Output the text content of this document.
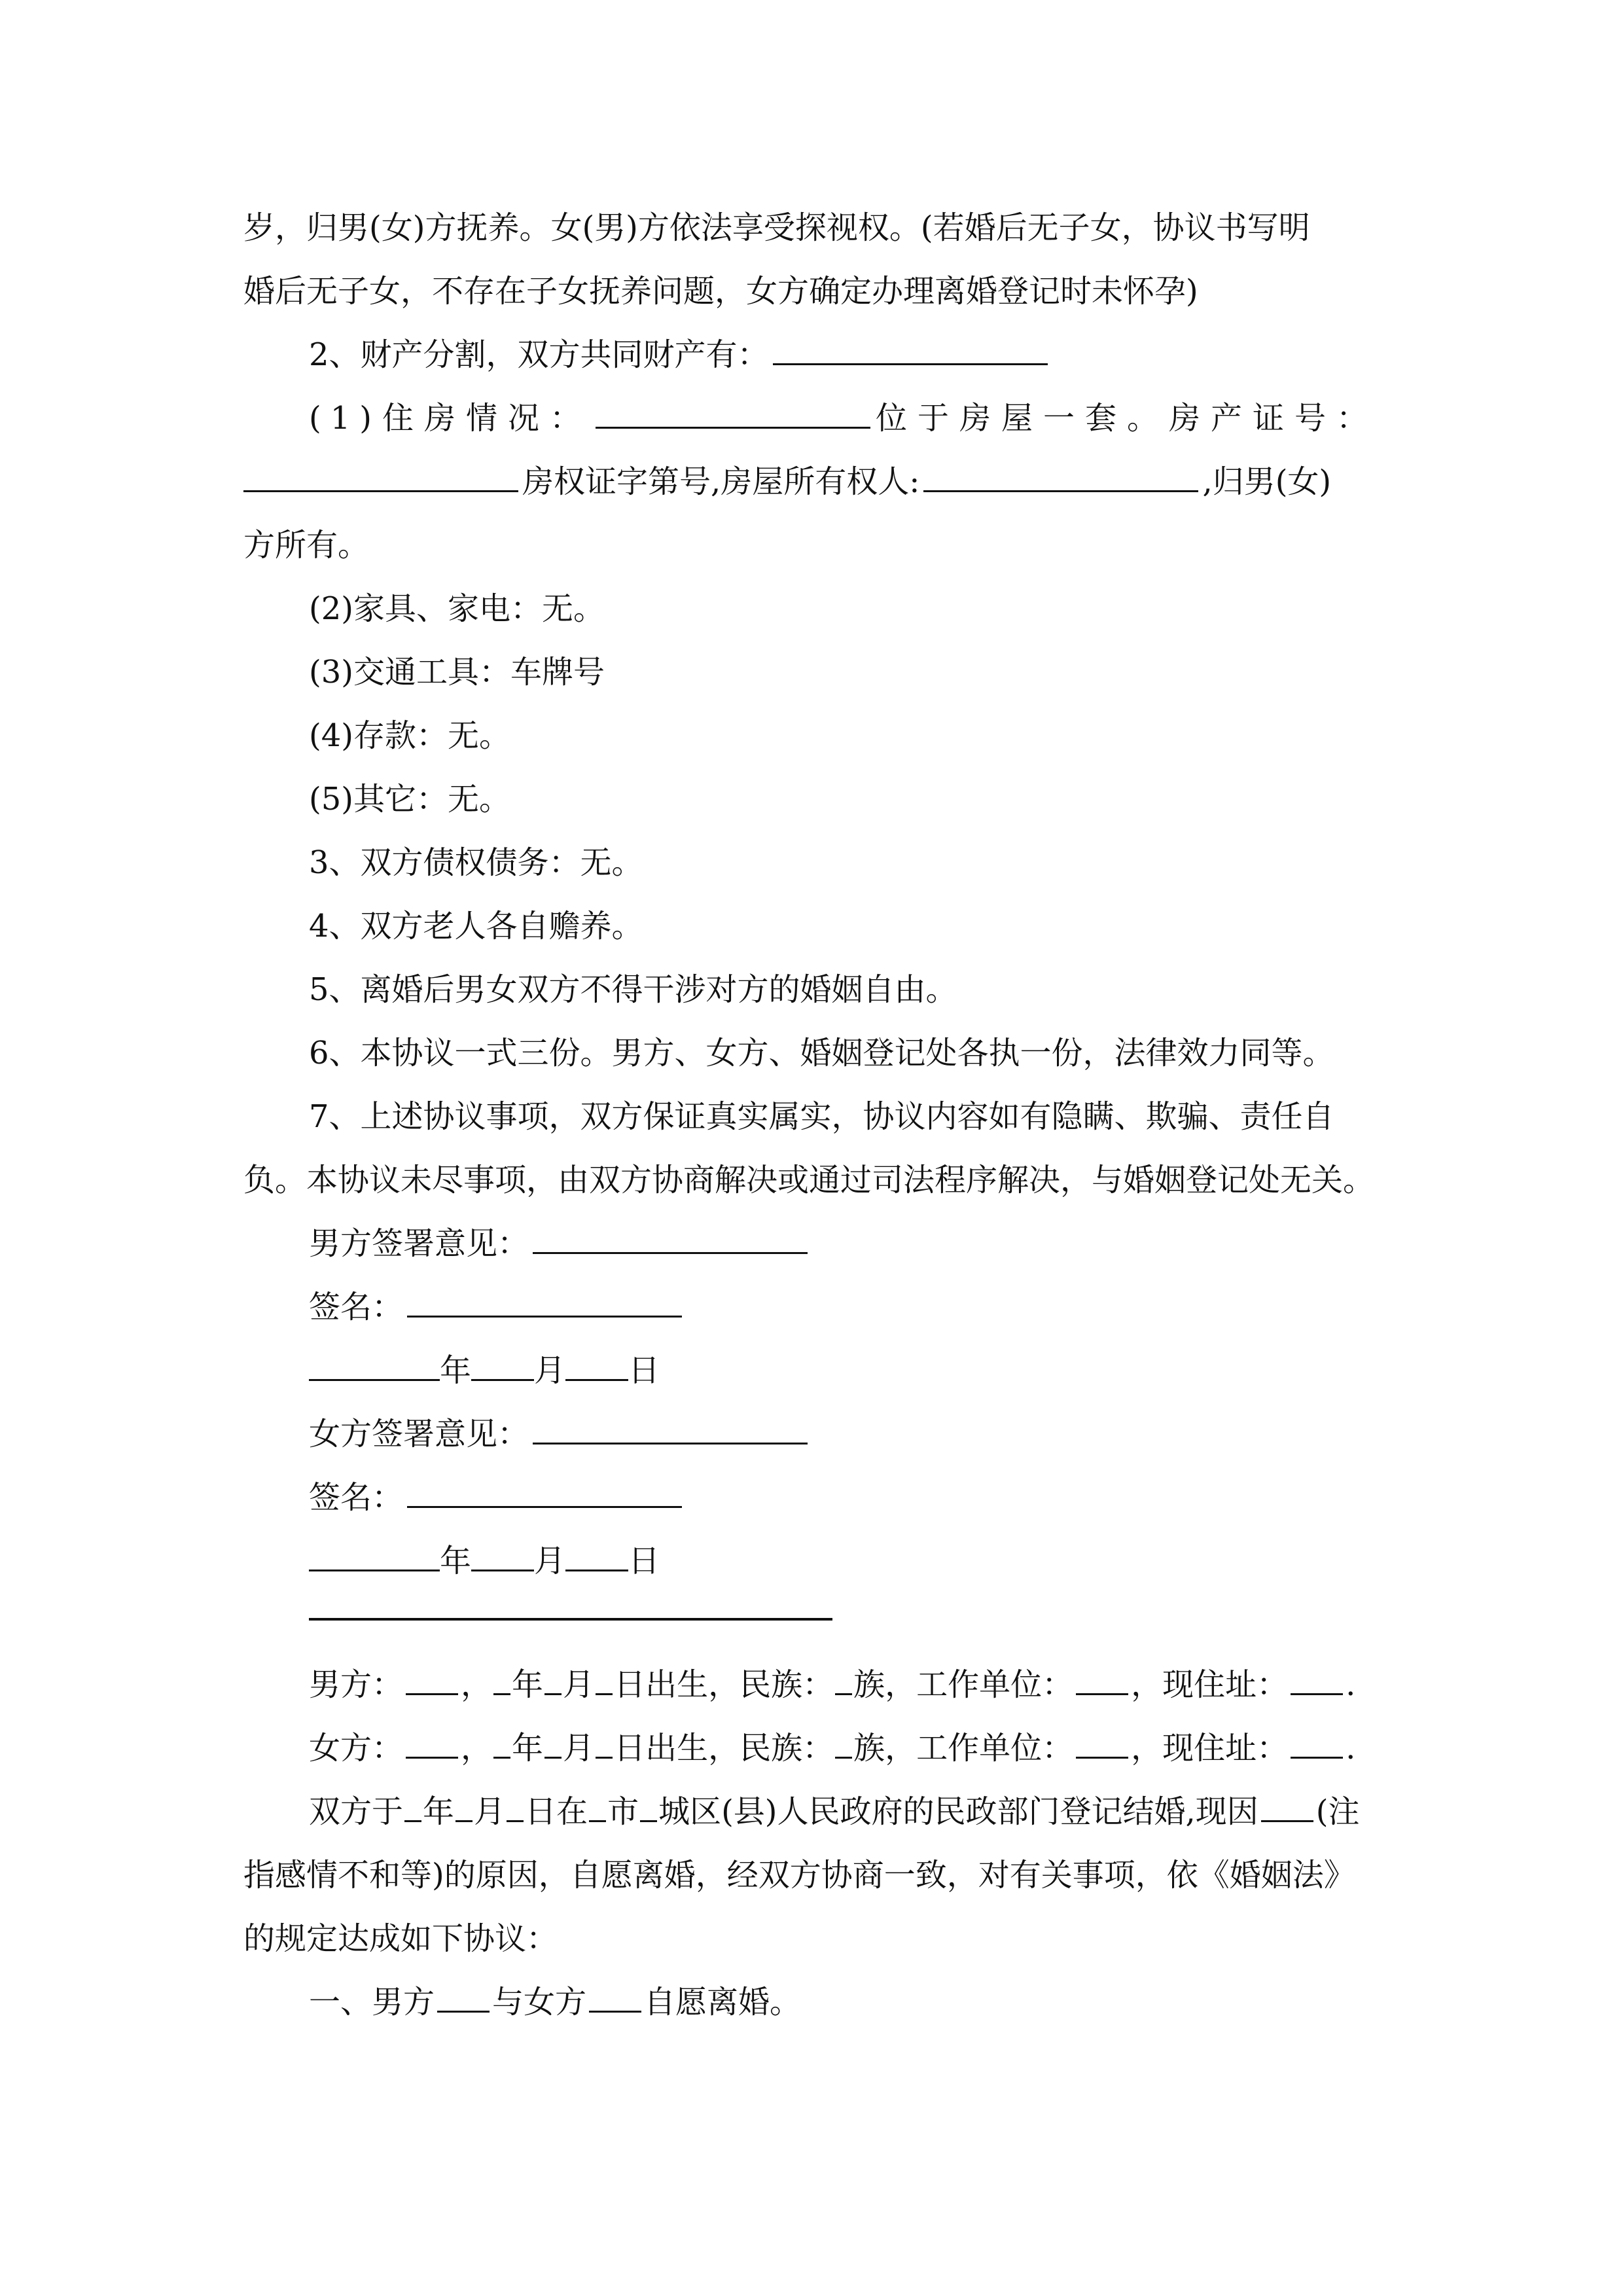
岁，归男(女)方抚养。女(男)方依法享受探视权。(若婚后无子女，协议书写明
婚后无子女，不存在子女抚养问题，女方确定办理离婚登记时未怀孕)
2、财产分割，双方共同财产有：
(1)住房情况：	位于房屋一套。房产证号：
房权证字第号,房屋所有权人:	,归男(女)
方所有。
(2)家具、家电：无。
(3)交通工具：车牌号
(4)存款：无。
(5)其它：无。
3、双方债权债务：无。
4、双方老人各自赡养。
5、离婚后男女双方不得干涉对方的婚姻自由。
6、本协议一式三份。男方、女方、婚姻登记处各执一份，法律效力同等。
7、上述协议事项，双方保证真实属实，协议内容如有隐瞒、欺骗、责任自
负。本协议未尽事项，由双方协商解决或通过司法程序解决，与婚姻登记处无关。
男方签署意见：
签名：
年 月 日
女方签署意见：
签名：
年 月 日
男方： ， 年 月 日出生，民族： 族，工作单位： ，现住址： .
女方： ， 年 月 日出生，民族： 族，工作单位： ，现住址： .
双方于 年 月 日在 市 城区(县)人民政府的民政部门登记结婚,现因 (注
指感情不和等)的原因，自愿离婚，经双方协商一致，对有关事项，依《婚姻法》
的规定达成如下协议：
一、男方 与女方 自愿离婚。
